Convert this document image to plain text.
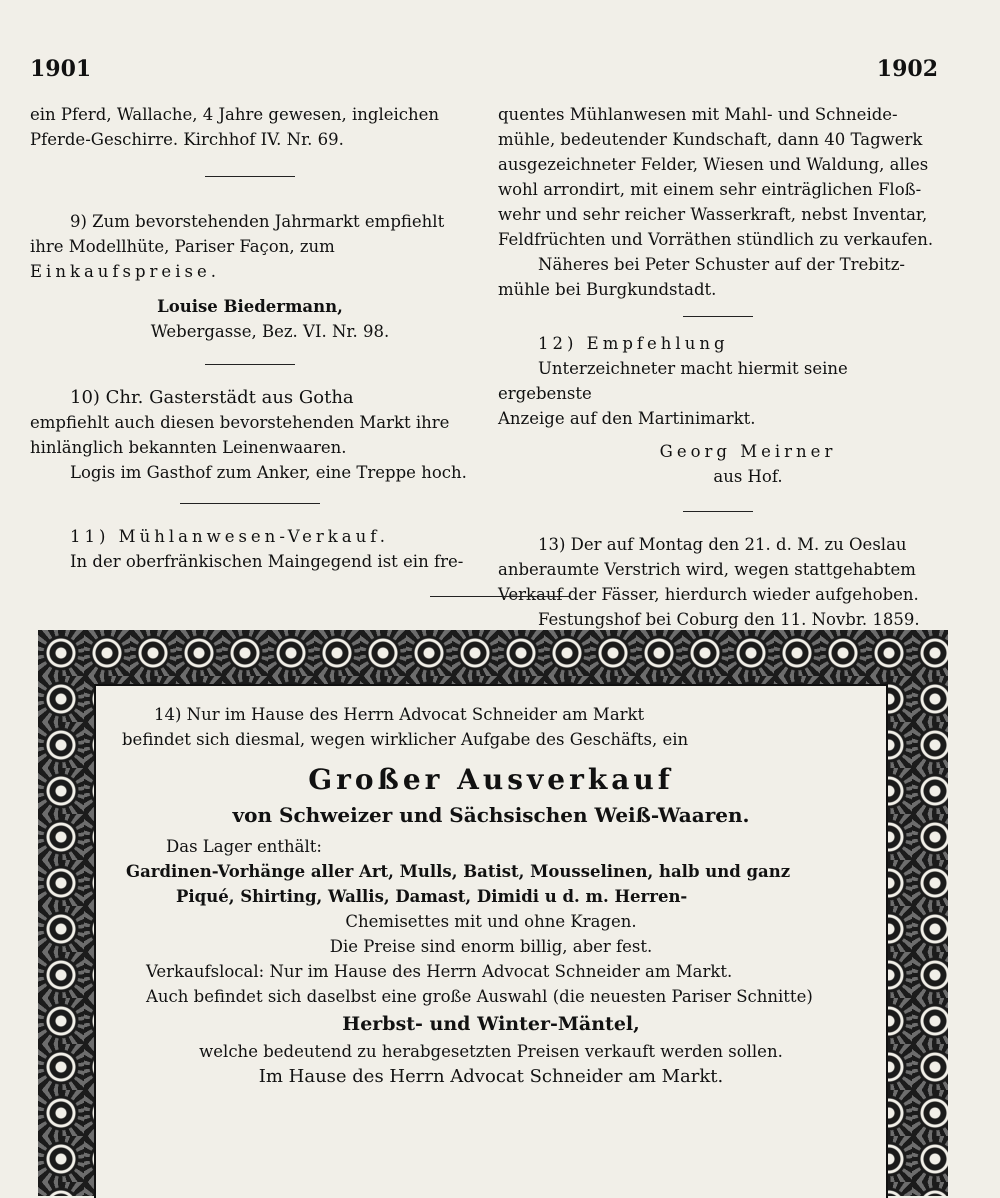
1901	1902

ein Pferd, Wallache, 4 Jahre gewesen, ingleichen

Pferde-Geschirre. Kirchhof IV. Nr. 69.

9) Zum bevorstehenden Jahrmarkt empfiehlt

ihre Modellhüte, Pariser Façon, zum

Einkaufspreise.

Louise Biedermann,

Webergasse, Bez. VI. Nr. 98.

10) Chr. Gasterstädt aus Gotha

empfiehlt auch diesen bevorstehenden Markt ihre

hinlänglich bekannten Leinenwaaren.

Logis im Gasthof zum Anker, eine Treppe hoch.

11) Mühlanwesen-Verkauf.

In der oberfränkischen Maingegend ist ein fre-

quentes Mühlanwesen mit Mahl- und Schneide-

mühle, bedeutender Kundschaft, dann 40 Tagwerk

ausgezeichneter Felder, Wiesen und Waldung, alles

wohl arrondirt, mit einem sehr einträglichen Floß-

wehr und sehr reicher Wasserkraft, nebst Inventar,

Feldfrüchten und Vorräthen stündlich zu verkaufen.

Näheres bei Peter Schuster auf der Trebitz-

mühle bei Burgkundstadt.

12) Empfehlung

Unterzeichneter macht hiermit seine ergebenste

Anzeige auf den Martinimarkt.

Georg Meirner

aus Hof.

13) Der auf Montag den 21. d. M. zu Oeslau

anberaumte Verstrich wird, wegen stattgehabtem

Verkauf der Fässer, hierdurch wieder aufgehoben.

Festungshof bei Coburg den 11. Novbr. 1859.

14) Nur im Hause des Herrn Advocat Schneider am Markt

befindet sich diesmal, wegen wirklicher Aufgabe des Geschäfts, ein

Großer Ausverkauf

von Schweizer und Sächsischen Weiß-Waaren.

Das Lager enthält:

Gardinen-Vorhänge aller Art, Mulls, Batist, Mousselinen, halb und ganz

Piqué, Shirting, Wallis, Damast, Dimidi u d. m. Herren-

Chemisettes mit und ohne Kragen.

Die Preise sind enorm billig, aber fest.

Verkaufslocal: Nur im Hause des Herrn Advocat Schneider am Markt.

Auch befindet sich daselbst eine große Auswahl (die neuesten Pariser Schnitte)

Herbst- und Winter-Mäntel,

welche bedeutend zu herabgesetzten Preisen verkauft werden sollen.

Im Hause des Herrn Advocat Schneider am Markt.
